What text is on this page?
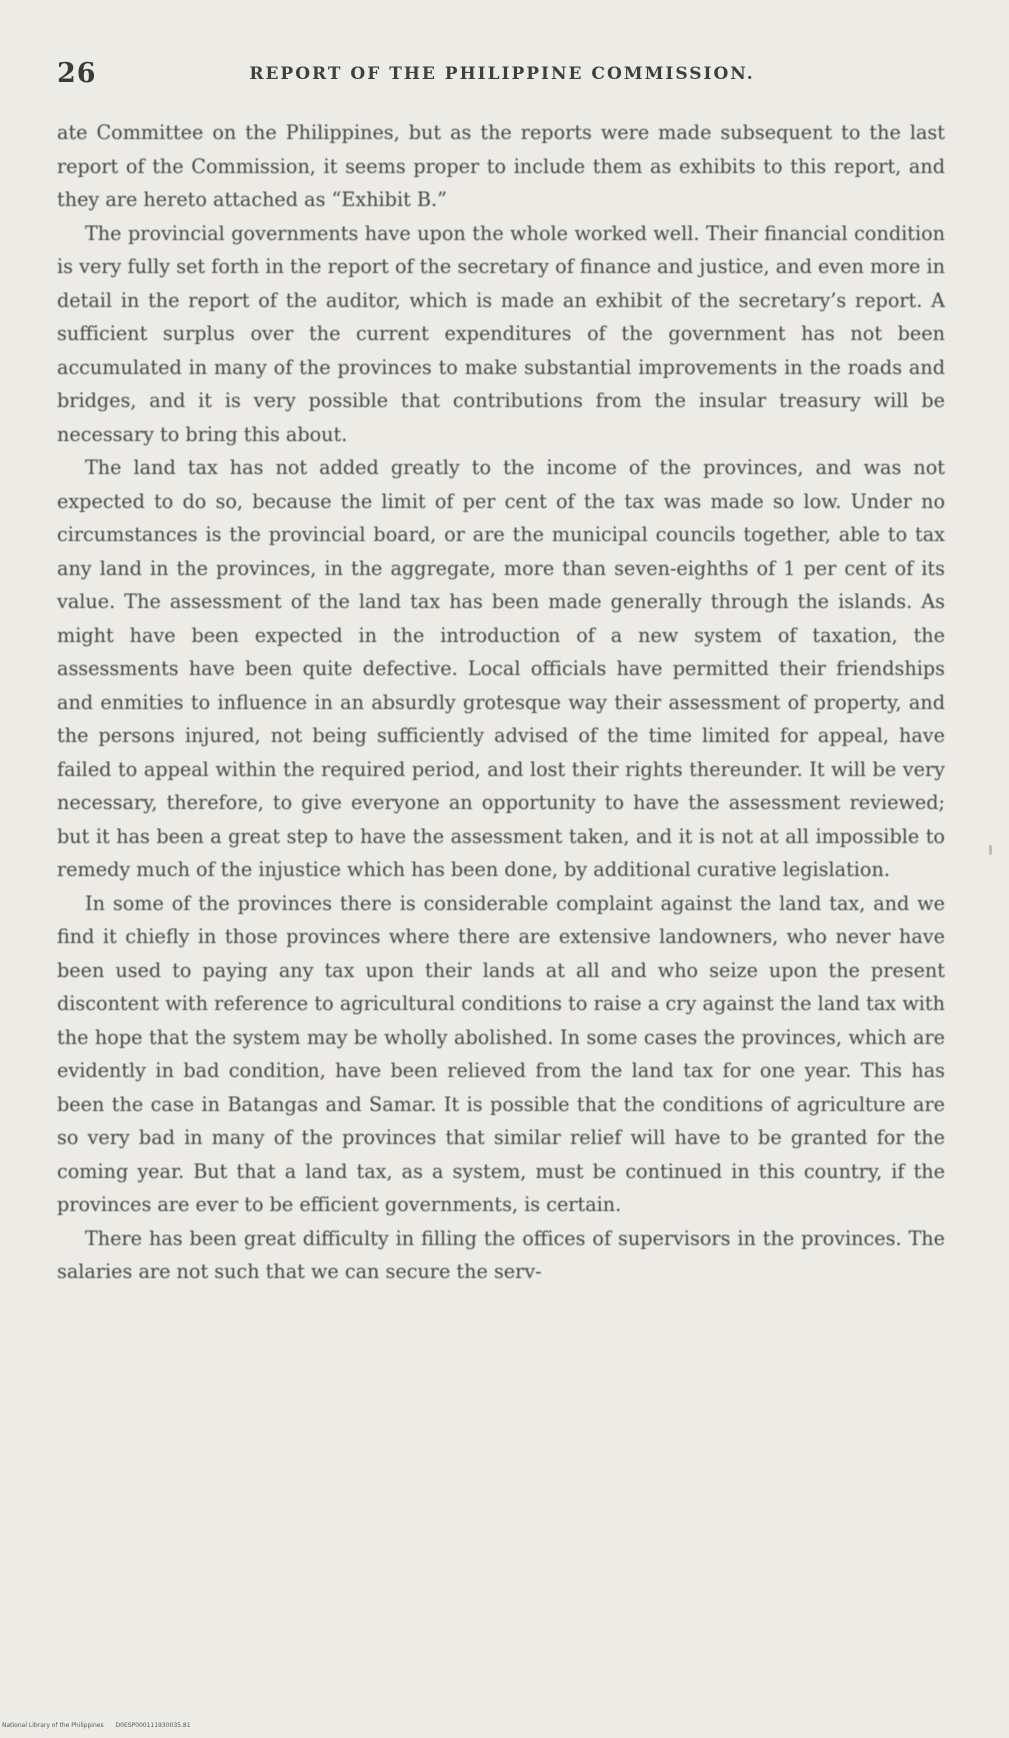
26	REPORT OF THE PHILIPPINE COMMISSION.

ate Committee on the Philippines, but as the reports were made subsequent to the last report of the Commission, it seems proper to include them as exhibits to this report, and they are hereto attached as “Exhibit B.”

The provincial governments have upon the whole worked well. Their financial condition is very fully set forth in the report of the secretary of finance and justice, and even more in detail in the report of the auditor, which is made an exhibit of the secretary’s report. A sufficient surplus over the current expenditures of the government has not been accumulated in many of the provinces to make substantial improvements in the roads and bridges, and it is very possible that contributions from the insular treasury will be necessary to bring this about.

The land tax has not added greatly to the income of the provinces, and was not expected to do so, because the limit of per cent of the tax was made so low. Under no circumstances is the provincial board, or are the municipal councils together, able to tax any land in the provinces, in the aggregate, more than seven-eighths of 1 per cent of its value. The assessment of the land tax has been made generally through the islands. As might have been expected in the introduction of a new system of taxation, the assessments have been quite defective. Local officials have permitted their friendships and enmities to influence in an absurdly grotesque way their assessment of property, and the persons injured, not being sufficiently advised of the time limited for appeal, have failed to appeal within the required period, and lost their rights thereunder. It will be very necessary, therefore, to give everyone an opportunity to have the assessment reviewed; but it has been a great step to have the assessment taken, and it is not at all impossible to remedy much of the injustice which has been done, by additional curative legislation.

In some of the provinces there is considerable complaint against the land tax, and we find it chiefly in those provinces where there are extensive landowners, who never have been used to paying any tax upon their lands at all and who seize upon the present discontent with reference to agricultural conditions to raise a cry against the land tax with the hope that the system may be wholly abolished. In some cases the provinces, which are evidently in bad condition, have been relieved from the land tax for one year. This has been the case in Batangas and Samar. It is possible that the conditions of agriculture are so very bad in many of the provinces that similar relief will have to be granted for the coming year. But that a land tax, as a system, must be continued in this country, if the provinces are ever to be efficient governments, is certain.

There has been great difficulty in filling the offices of supervisors in the provinces. The salaries are not such that we can secure the serv-

National Library of the Philippines D0ESP000111930035.81
